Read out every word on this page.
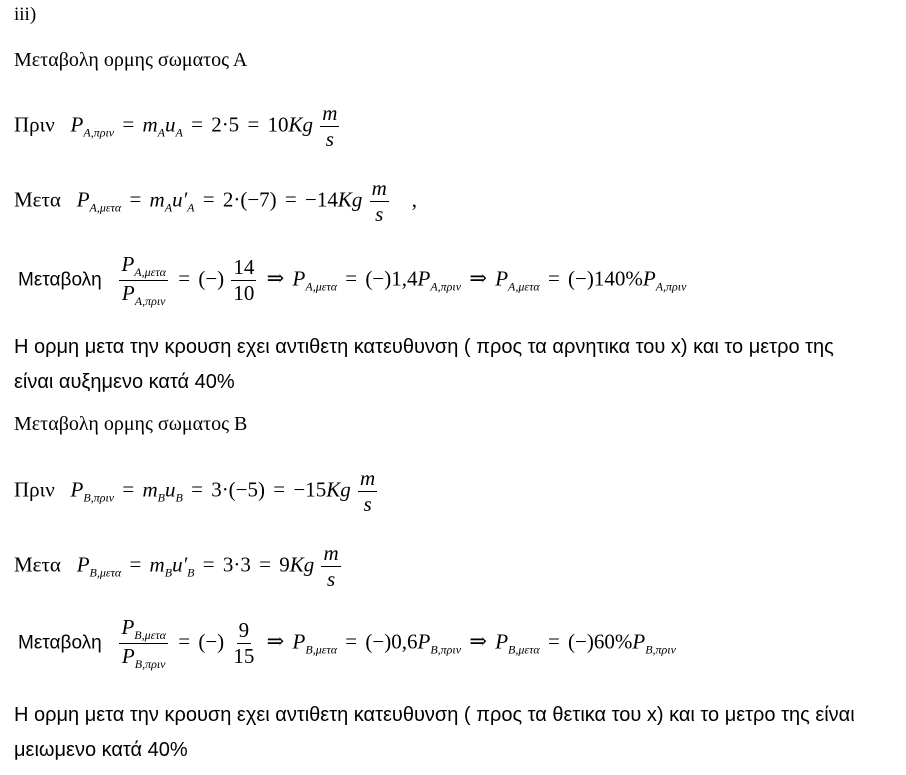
iii)
Μεταβολη ορμης σωματος Α
Πριν $P_{A,\pi\rho\iota\nu} = m_Au_A = 2\cdot 5 = 10Kg \frac{m}{s}$
Μετα $P_{A,\mu\varepsilon\tau\alpha} = m_Au'_A = 2\cdot(-7) = -14Kg \frac{m}{s}$ ,
Μεταβολη $\frac{P_{A,\mu\varepsilon\tau\alpha}}{P_{A,\pi\rho\iota\nu}}$ = (−) $\frac{14}{10}$ ⇒ $P_{A,\mu\varepsilon\tau\alpha} = (-)1,4P_{A,\pi\rho\iota\nu}$ ⇒ $P_{A,\mu\varepsilon\tau\alpha} = (-)140\%P_{A,\pi\rho\iota\nu}$
Η ορμη μετα την κρουση εχει αντιθετη κατευθυνση ( προς τα αρνητικα του x) και το μετρο της
είναι αυξημενο κατά 40%
Μεταβολη ορμης σωματος Β
Πριν $P_{B,\pi\rho\iota\nu} = m_Bu_B = 3\cdot(-5) = -15Kg \frac{m}{s}$
Μετα $P_{B,\mu\varepsilon\tau\alpha} = m_Bu'_B = 3\cdot 3 = 9Kg \frac{m}{s}$
Μεταβολη $\frac{P_{B,\mu\varepsilon\tau\alpha}}{P_{B,\pi\rho\iota\nu}}$ = (−) $\frac{9}{15}$ ⇒ $P_{B,\mu\varepsilon\tau\alpha} = (-)0,6P_{B,\pi\rho\iota\nu}$ ⇒ $P_{B,\mu\varepsilon\tau\alpha} = (-)60\%P_{B,\pi\rho\iota\nu}$
Η ορμη μετα την κρουση εχει αντιθετη κατευθυνση ( προς τα θετικα του x) και το μετρο της είναι
μειωμενο κατά 40%
